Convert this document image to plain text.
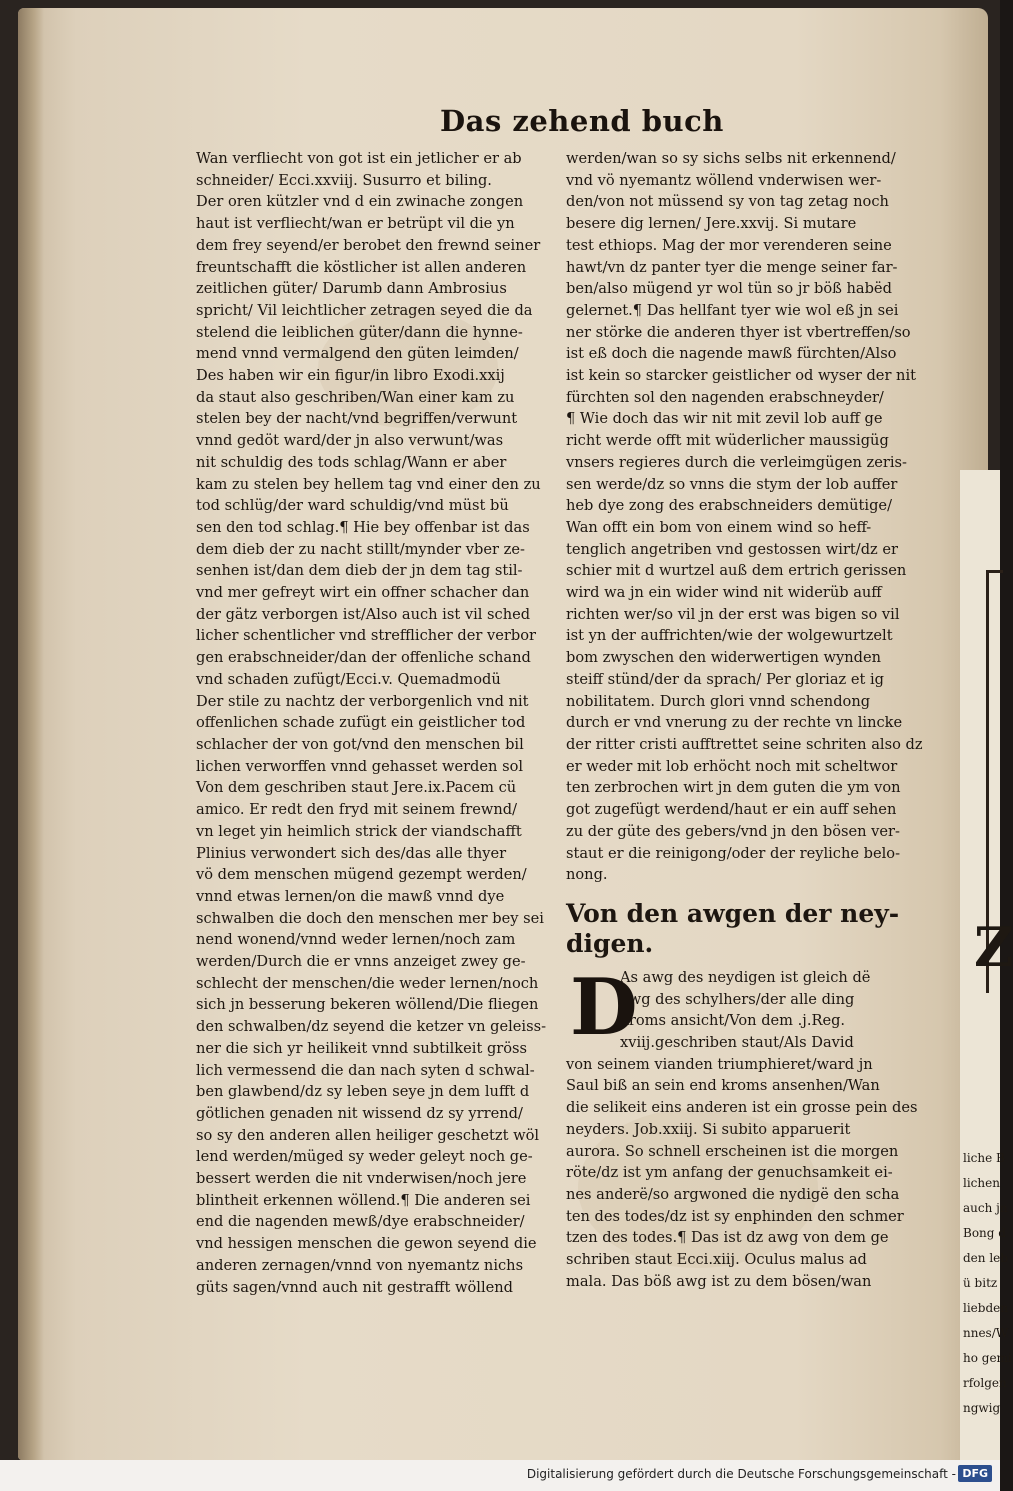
Z
liche B
lichen
auch jn
Bong d
den leb
ü bitz
liebden
nnes/W
ho gemi
rfolgen
ngwig
Das zehend buch
Wan verfliecht von got ist ein jetlicher er ab
schneider/ Ecci.xxviij. Susurro et biling.
Der oren kützler vnd d ein zwinache zongen
haut ist verfliecht/wan er betrüpt vil die yn
dem frey seyend/er berobet den frewnd seiner
freuntschafft die köstlicher ist allen anderen
zeitlichen güter/ Darumb dann Ambrosius
spricht/ Vil leichtlicher zetragen seyed die da
stelend die leiblichen güter/dann die hynne-
mend vnnd vermalgend den güten leimden/
Des haben wir ein figur/in libro Exodi.xxij
da staut also geschriben/Wan einer kam zu
stelen bey der nacht/vnd begriffen/verwunt
vnnd gedöt ward/der jn also verwunt/was
nit schuldig des tods schlag/Wann er aber
kam zu stelen bey hellem tag vnd einer den zu
tod schlüg/der ward schuldig/vnd müst bü
sen den tod schlag.¶ Hie bey offenbar ist das
dem dieb der zu nacht stillt/mynder vber ze-
senhen ist/dan dem dieb der jn dem tag stil-
vnd mer gefreyt wirt ein offner schacher dan
der gätz verborgen ist/Also auch ist vil sched
licher schentlicher vnd strefflicher der verbor
gen erabschneider/dan der offenliche schand
vnd schaden zufügt/Ecci.v. Quemadmodü
Der stile zu nachtz der verborgenlich vnd nit
offenlichen schade zufügt ein geistlicher tod
schlacher der von got/vnd den menschen bil
lichen verworffen vnnd gehasset werden sol
Von dem geschriben staut Jere.ix.Pacem cü
amico. Er redt den fryd mit seinem frewnd/
vn leget yin heimlich strick der viandschafft
Plinius verwondert sich des/das alle thyer
vö dem menschen mügend gezempt werden/
vnnd etwas lernen/on die mawß vnnd dye
schwalben die doch den menschen mer bey sei
nend wonend/vnnd weder lernen/noch zam
werden/Durch die er vnns anzeiget zwey ge-
schlecht der menschen/die weder lernen/noch
sich jn besserung bekeren wöllend/Die fliegen
den schwalben/dz seyend die ketzer vn geleiss-
ner die sich yr heilikeit vnnd subtilkeit gröss
lich vermessend die dan nach syten d schwal-
ben glawbend/dz sy leben seye jn dem lufft d
götlichen genaden nit wissend dz sy yrrend/
so sy den anderen allen heiliger geschetzt wöl
lend werden/müged sy weder geleyt noch ge-
bessert werden die nit vnderwisen/noch jere
blintheit erkennen wöllend.¶ Die anderen sei
end die nagenden mewß/dye erabschneider/
vnd hessigen menschen die gewon seyend die
anderen zernagen/vnnd von nyemantz nichs
güts sagen/vnnd auch nit gestrafft wöllend
werden/wan so sy sichs selbs nit erkennend/
vnd vö nyemantz wöllend vnderwisen wer-
den/von not müssend sy von tag zetag noch
besere dig lernen/ Jere.xxvij. Si mutare
test ethiops. Mag der mor verenderen seine
hawt/vn dz panter tyer die menge seiner far-
ben/also mügend yr wol tün so jr böß habëd
gelernet.¶ Das hellfant tyer wie wol eß jn sei
ner störke die anderen thyer ist vbertreffen/so
ist eß doch die nagende mawß fürchten/Also
ist kein so starcker geistlicher od wyser der nit
fürchten sol den nagenden erabschneyder/
¶ Wie doch das wir nit mit zevil lob auff ge
richt werde offt mit wüderlicher maussigüg
vnsers regieres durch die verleimgügen zeris-
sen werde/dz so vnns die stym der lob auffer
heb dye zong des erabschneiders demütige/
Wan offt ein bom von einem wind so heff-
tenglich angetriben vnd gestossen wirt/dz er
schier mit d wurtzel auß dem ertrich gerissen
wird wa jn ein wider wind nit widerüb auff
richten wer/so vil jn der erst was bigen so vil
ist yn der auffrichten/wie der wolgewurtzelt
bom zwyschen den widerwertigen wynden
steiff stünd/der da sprach/ Per gloriaz et ig
nobilitatem. Durch glori vnnd schendong
durch er vnd vnerung zu der rechte vn lincke
der ritter cristi aufftrettet seine schriten also dz
er weder mit lob erhöcht noch mit scheltwor
ten zerbrochen wirt jn dem guten die ym von
got zugefügt werdend/haut er ein auff sehen
zu der güte des gebers/vnd jn den bösen ver-
staut er die reinigong/oder der reyliche belo-
nong.
Von den awgen der ney- digen.
D
As awg des neydigen ist gleich dë
awg des schylhers/der alle ding
kroms ansicht/Von dem .j.Reg.
xviij.geschriben staut/Als David
von seinem vianden triumphieret/ward jn
Saul biß an sein end kroms ansenhen/Wan
die selikeit eins anderen ist ein grosse pein des
neyders. Job.xxiij. Si subito apparuerit
aurora. So schnell erscheinen ist die morgen
röte/dz ist ym anfang der genuchsamkeit ei-
nes anderë/so argwoned die nydigë den scha
ten des todes/dz ist sy enphinden den schmer
tzen des todes.¶ Das ist dz awg von dem ge
schriben staut Ecci.xiij. Oculus malus ad
mala. Das böß awg ist zu dem bösen/wan
Digitalisierung gefördert durch die Deutsche Forschungsgemeinschaft - DFG
